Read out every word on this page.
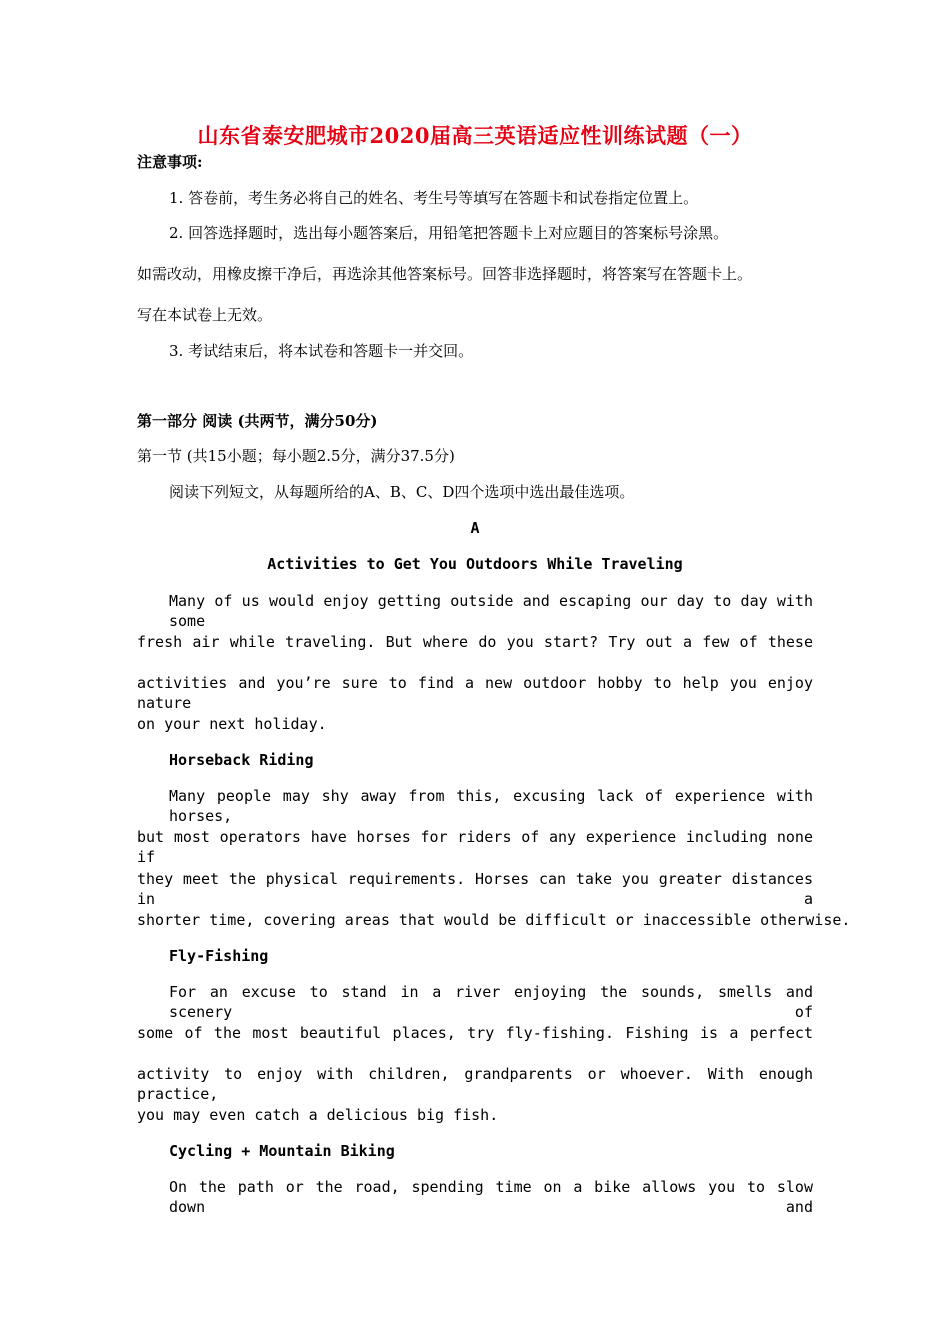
山东省泰安肥城市2020届高三英语适应性训练试题（一）
注意事项:
1. 答卷前，考生务必将自己的姓名、考生号等填写在答题卡和试卷指定位置上。
2. 回答选择题时，选出每小题答案后，用铅笔把答题卡上对应题目的答案标号涂黑。
如需改动，用橡皮擦干净后，再选涂其他答案标号。回答非选择题时，将答案写在答题卡上。
写在本试卷上无效。
3. 考试结束后，将本试卷和答题卡一并交回。
第一部分 阅读 (共两节，满分50分)
第一节 (共15小题；每小题2.5分，满分37.5分)
阅读下列短文，从每题所给的A、B、C、D四个选项中选出最佳选项。
A
Activities to Get You Outdoors While Traveling
Many of us would enjoy getting outside and escaping our day to day with some
fresh air while traveling. But where do you start? Try out a few of these
activities and you’re sure to find a new outdoor hobby to help you enjoy nature
on your next holiday.
Horseback Riding
Many people may shy away from this, excusing lack of experience with horses,
but most operators have horses for riders of any experience including none if
they meet the physical requirements. Horses can take you greater distances in a
shorter time, covering areas that would be difficult or inaccessible otherwise.
Fly-Fishing
For an excuse to stand in a river enjoying the sounds, smells and scenery of
some of the most beautiful places, try fly-fishing. Fishing is a perfect
activity to enjoy with children, grandparents or whoever. With enough practice,
you may even catch a delicious big fish.
Cycling + Mountain Biking
On the path or the road, spending time on a bike allows you to slow down and
